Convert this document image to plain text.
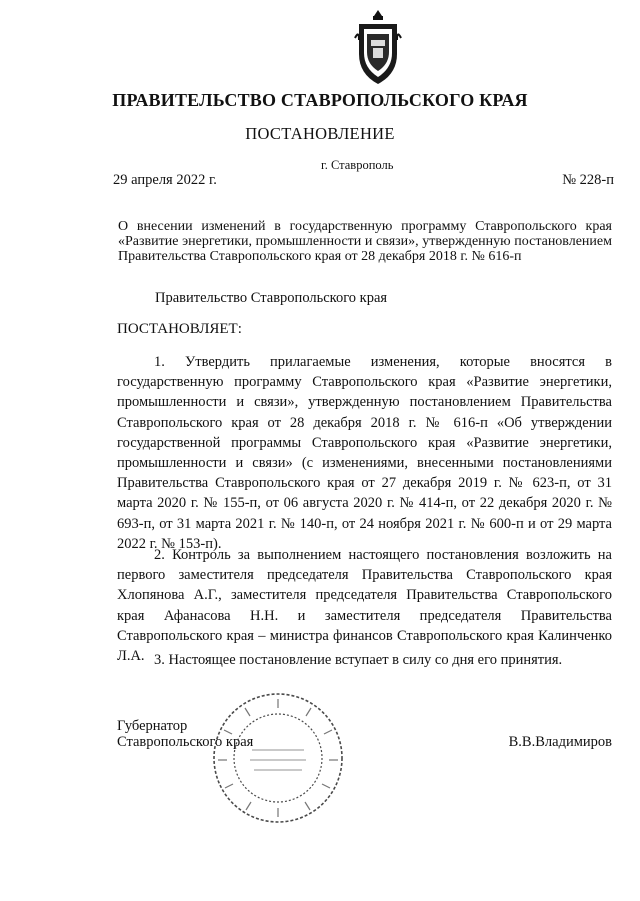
ПРАВИТЕЛЬСТВО СТАВРОПОЛЬСКОГО КРАЯ
ПОСТАНОВЛЕНИЕ
г. Ставрополь
29 апреля 2022 г.	№ 228-п
О внесении изменений в государственную программу Ставропольского края «Развитие энергетики, промышленности и связи», утвержденную постановлением Правительства Ставропольского края от 28 декабря 2018 г. № 616-п
Правительство Ставропольского края
ПОСТАНОВЛЯЕТ:

1. Утвердить прилагаемые изменения, которые вносятся в государственную программу Ставропольского края «Развитие энергетики, промышленности и связи», утвержденную постановлением Правительства Ставропольского края от 28 декабря 2018 г. № 616-п «Об утверждении государственной программы Ставропольского края «Развитие энергетики, промышленности и связи» (с изменениями, внесенными постановлениями Правительства Ставропольского края от 27 декабря 2019 г. № 623-п, от 31 марта 2020 г. № 155-п, от 06 августа 2020 г. № 414-п, от 22 декабря 2020 г. № 693-п, от 31 марта 2021 г. № 140-п, от 24 ноября 2021 г. № 600-п и от 29 марта 2022 г. № 153-п).

2. Контроль за выполнением настоящего постановления возложить на первого заместителя председателя Правительства Ставропольского края Хлопянова А.Г., заместителя председателя Правительства Ставропольского края Афанасова Н.Н. и заместителя председателя Правительства Ставропольского края – министра финансов Ставропольского края Калинченко Л.А. 3. Настоящее постановление вступает в силу со дня его принятия.

Губернатор
Ставропольского края	В.В.Владимиров
